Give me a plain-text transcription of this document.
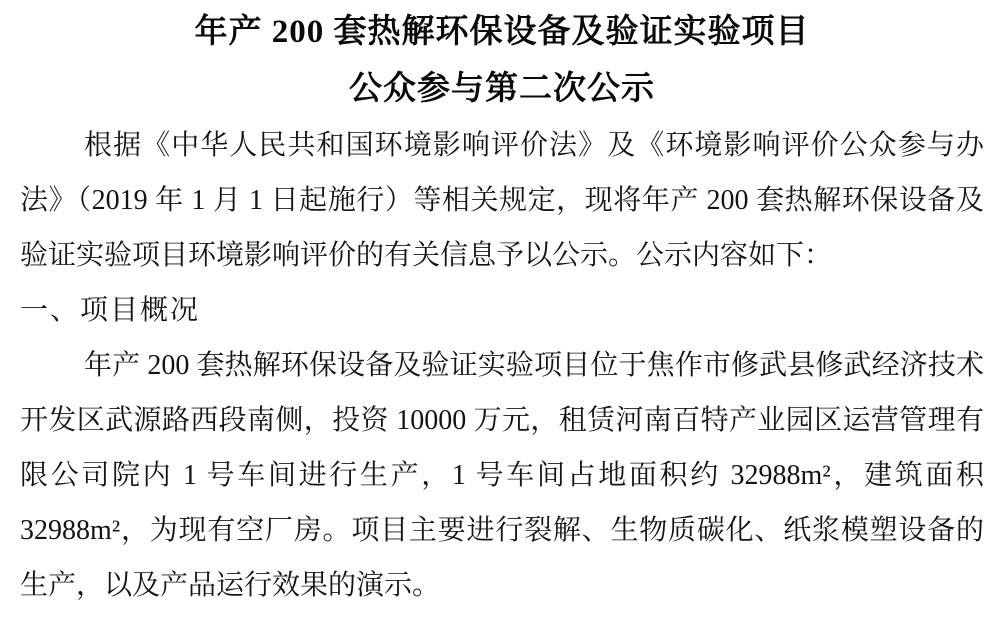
年产 200 套热解环保设备及验证实验项目
公众参与第二次公示

根据《中华人民共和国环境影响评价法》及《环境影响评价公众参与办法》（2019 年 1 月 1 日起施行）等相关规定，现将年产 200 套热解环保设备及验证实验项目环境影响评价的有关信息予以公示。公示内容如下：

一、项目概况

年产 200 套热解环保设备及验证实验项目位于焦作市修武县修武经济技术开发区武源路西段南侧，投资 10000 万元，租赁河南百特产业园区运营管理有限公司院内 1 号车间进行生产，1 号车间占地面积约 32988m²，建筑面积 32988m²，为现有空厂房。项目主要进行裂解、生物质碳化、纸浆模塑设备的生产，以及产品运行效果的演示。
